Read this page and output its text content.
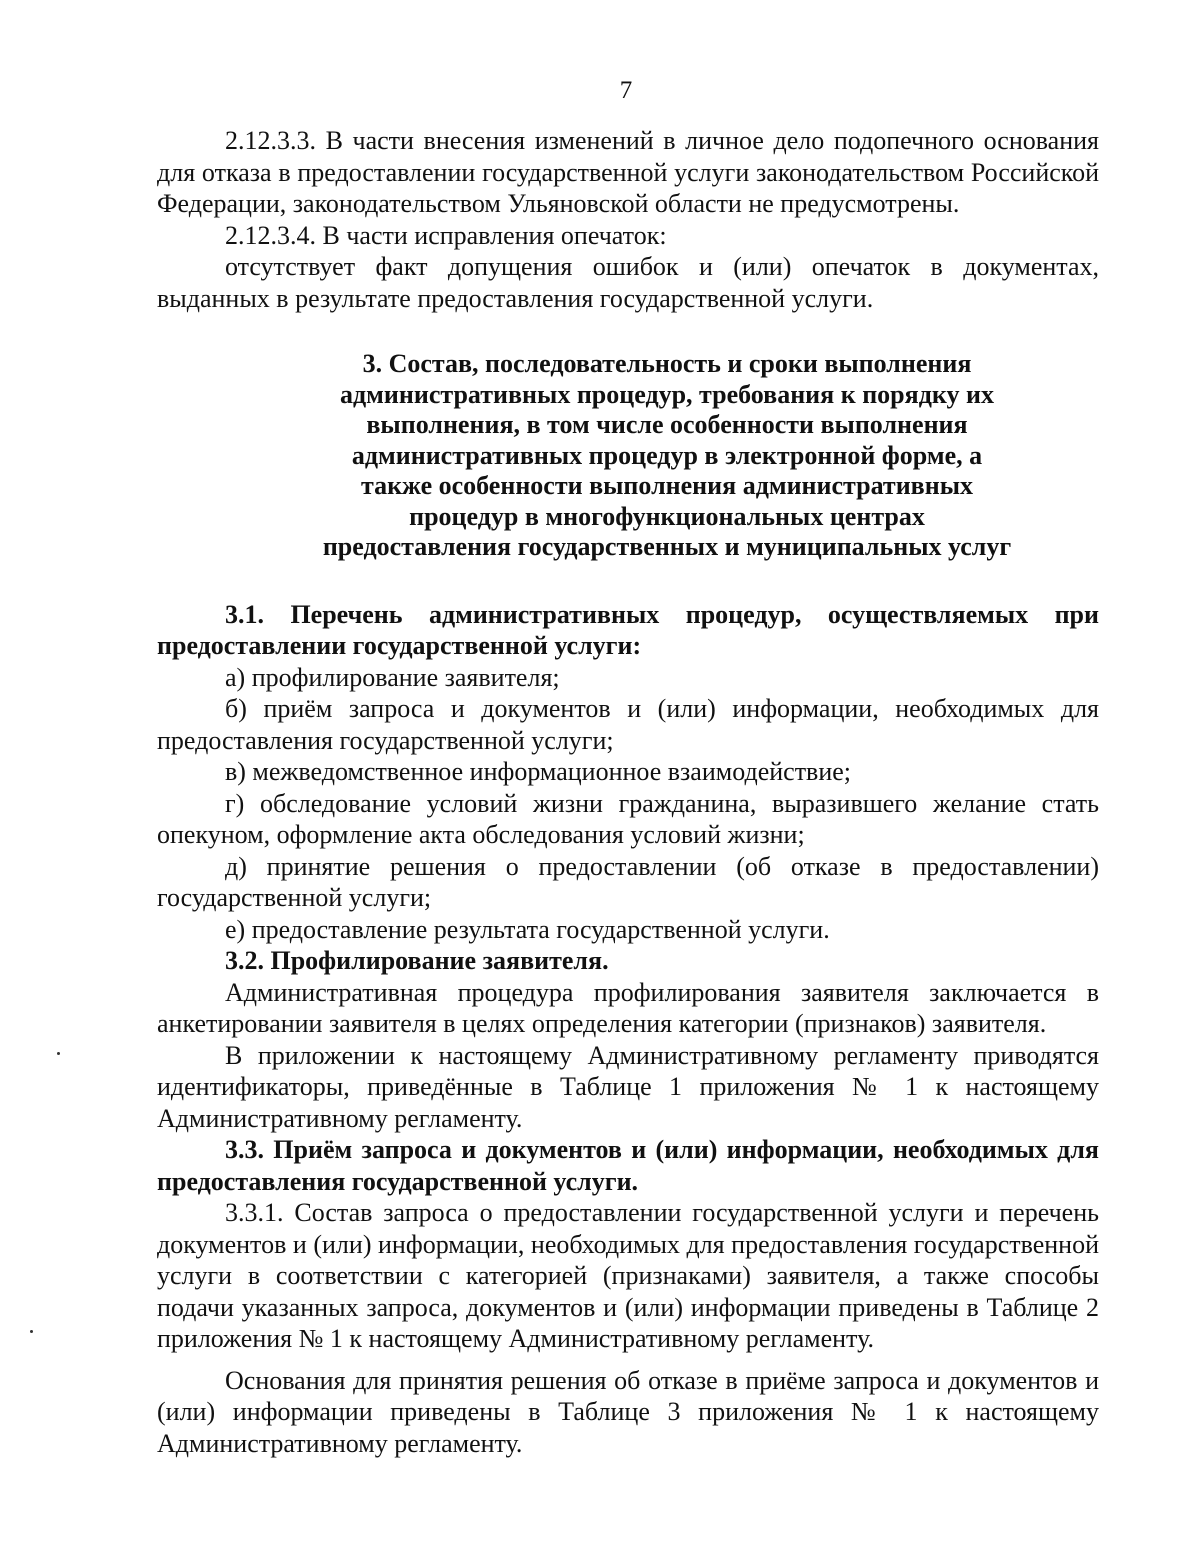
7

2.12.3.3. В части внесения изменений в личное дело подопечного основания для отказа в предоставлении государственной услуги законодательством Российской Федерации, законодательством Ульяновской области не предусмотрены.

2.12.3.4. В части исправления опечаток:

отсутствует факт допущения ошибок и (или) опечаток в документах, выданных в результате предоставления государственной услуги.

3. Состав, последовательность и сроки выполнения административных процедур, требования к порядку их выполнения, в том числе особенности выполнения административных процедур в электронной форме, а также особенности выполнения административных процедур в многофункциональных центрах предоставления государственных и муниципальных услуг

3.1. Перечень административных процедур, осуществляемых при предоставлении государственной услуги:

а) профилирование заявителя;

б) приём запроса и документов и (или) информации, необходимых для предоставления государственной услуги;

в) межведомственное информационное взаимодействие;

г) обследование условий жизни гражданина, выразившего желание стать опекуном, оформление акта обследования условий жизни;

д) принятие решения о предоставлении (об отказе в предоставлении) государственной услуги;

е) предоставление результата государственной услуги.

3.2. Профилирование заявителя.

Административная процедура профилирования заявителя заключается в анкетировании заявителя в целях определения категории (признаков) заявителя.

В приложении к настоящему Административному регламенту приводятся идентификаторы, приведённые в Таблице 1 приложения № 1 к настоящему Административному регламенту.

3.3. Приём запроса и документов и (или) информации, необходимых для предоставления государственной услуги.

3.3.1. Состав запроса о предоставлении государственной услуги и перечень документов и (или) информации, необходимых для предоставления государственной услуги в соответствии с категорией (признаками) заявителя, а также способы подачи указанных запроса, документов и (или) информации приведены в Таблице 2 приложения № 1 к настоящему Административному регламенту.

Основания для принятия решения об отказе в приёме запроса и документов и (или) информации приведены в Таблице 3 приложения № 1 к настоящему Административному регламенту.
